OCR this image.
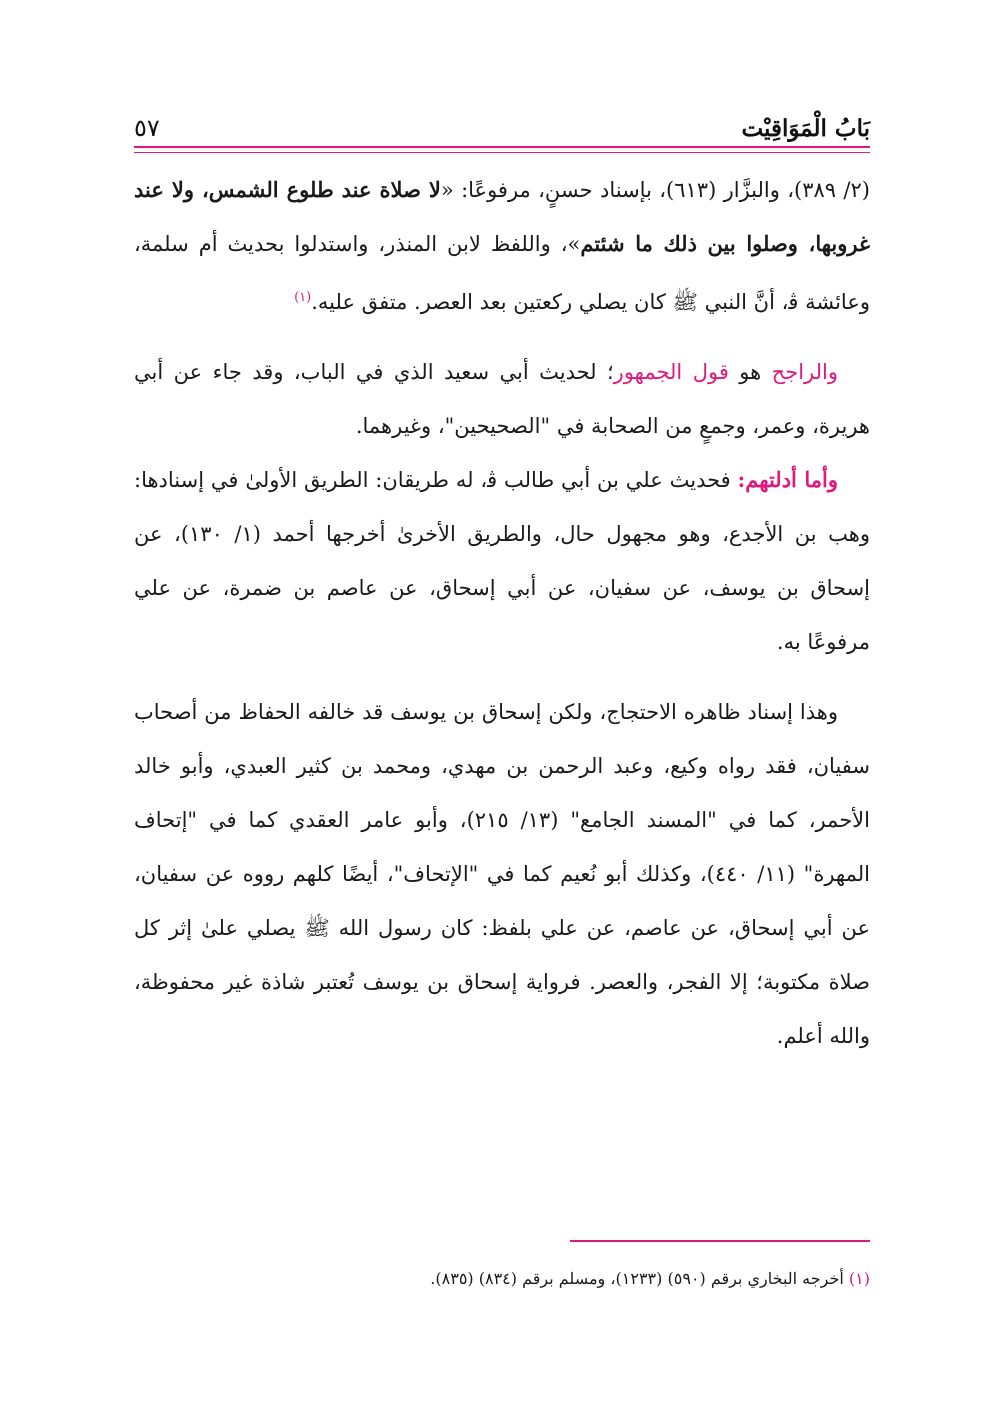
بَابُ الْمَوَاقِيْت
٥٧

(٢/ ٣٨٩)، والبزَّار (٦١٣)، بإسناد حسنٍ، مرفوعًا: «لا صلاة عند طلوع الشمس، ولا عند غروبها، وصلوا بين ذلك ما شئتم»، واللفظ لابن المنذر، واستدلوا بحديث أم سلمة، وعائشة ﭬ، أنَّ النبي ﷺ كان يصلي ركعتين بعد العصر. متفق عليه.$^{(١)}$

والراجح هو قول الجمهور؛ لحديث أبي سعيد الذي في الباب، وقد جاء عن أبي هريرة، وعمر، وجمعٍ من الصحابة في "الصحيحين"، وغيرهما.

وأما أدلتهم: فحديث علي بن أبي طالب ﭬ، له طريقان: الطريق الأولىٰ في إسنادها: وهب بن الأجدع، وهو مجهول حال، والطريق الأخرىٰ أخرجها أحمد (١/ ١٣٠)، عن إسحاق بن يوسف، عن سفيان، عن أبي إسحاق، عن عاصم بن ضمرة، عن علي مرفوعًا به.

وهذا إسناد ظاهره الاحتجاج، ولكن إسحاق بن يوسف قد خالفه الحفاظ من أصحاب سفيان، فقد رواه وكيع، وعبد الرحمن بن مهدي، ومحمد بن كثير العبدي، وأبو خالد الأحمر، كما في "المسند الجامع" (١٣/ ٢١٥)، وأبو عامر العقدي كما في "إتحاف المهرة" (١١/ ٤٤٠)، وكذلك أبو نُعيم كما في "الإتحاف"، أيضًا كلهم رووه عن سفيان، عن أبي إسحاق، عن عاصم، عن علي بلفظ: كان رسول الله ﷺ يصلي علىٰ إثر كل صلاة مكتوبة؛ إلا الفجر، والعصر. فرواية إسحاق بن يوسف تُعتبر شاذة غير محفوظة، والله أعلم.

(١) أخرجه البخاري برقم (٥٩٠) (١٢٣٣)، ومسلم برقم (٨٣٤) (٨٣٥).
